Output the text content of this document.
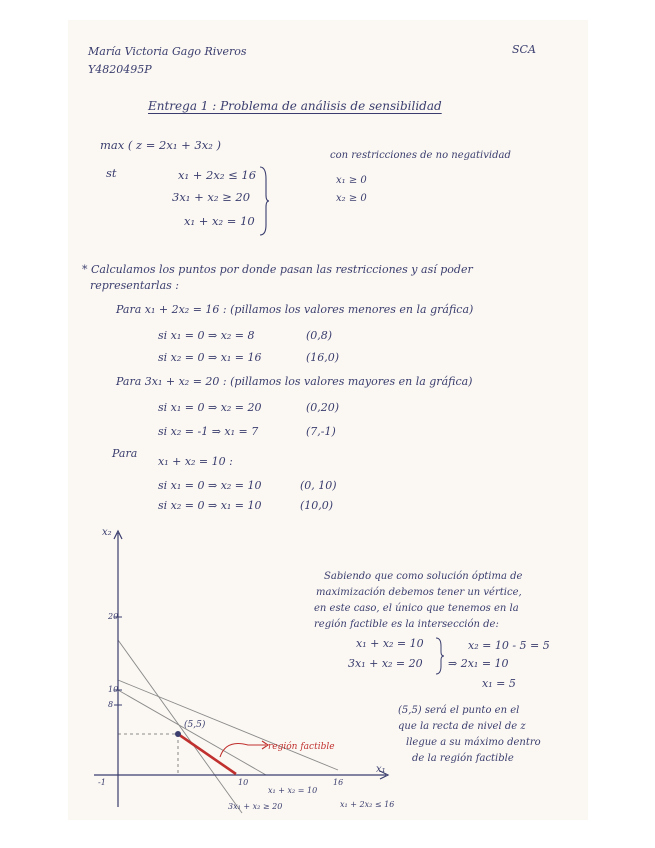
María Victoria Gago Riveros
Y4820495P
SCA
Entrega 1 : Problema de análisis de sensibilidad
max ( z = 2x₁ + 3x₂ )
st	x₁ + 2x₂ ≤ 16
3x₁ + x₂ ≥ 20
x₁ + x₂ = 10
con restricciones de no negatividad
x₁ ≥ 0
x₂ ≥ 0
* Calculamos los puntos por donde pasan las restricciones y así poder
representarlas :
Para x₁ + 2x₂ = 16 : (pillamos los valores menores en la gráfica)
si x₁ = 0 ⇒ x₂ = 8	(0,8)
si x₂ = 0 ⇒ x₁ = 16	(16,0)
Para 3x₁ + x₂ = 20 : (pillamos los valores mayores en la gráfica)
si x₁ = 0 ⇒ x₂ = 20	(0,20)
si x₂ = -1 ⇒ x₁ = 7	(7,-1)
Para
x₁ + x₂ = 10 :
si x₁ = 0 ⇒ x₂ = 10	(0, 10)
si x₂ = 0 ⇒ x₁ = 10	(10,0)
x₂
x₁
20
10
8
-1	10	16
(5,5)
región factible
x₁ + x₂ = 10
x₁ + 2x₂ ≤ 16
3x₁ + x₂ ≥ 20
Sabiendo que como solución óptima de
maximización debemos tener un vértice,
en este caso, el único que tenemos en la
región factible es la intersección de:
x₁ + x₂ = 10
3x₁ + x₂ = 20
x₂ = 10 - 5 = 5
⇒ 2x₁ = 10
x₁ = 5
(5,5) será el punto en el
que la recta de nivel de z
llegue a su máximo dentro
de la región factible
